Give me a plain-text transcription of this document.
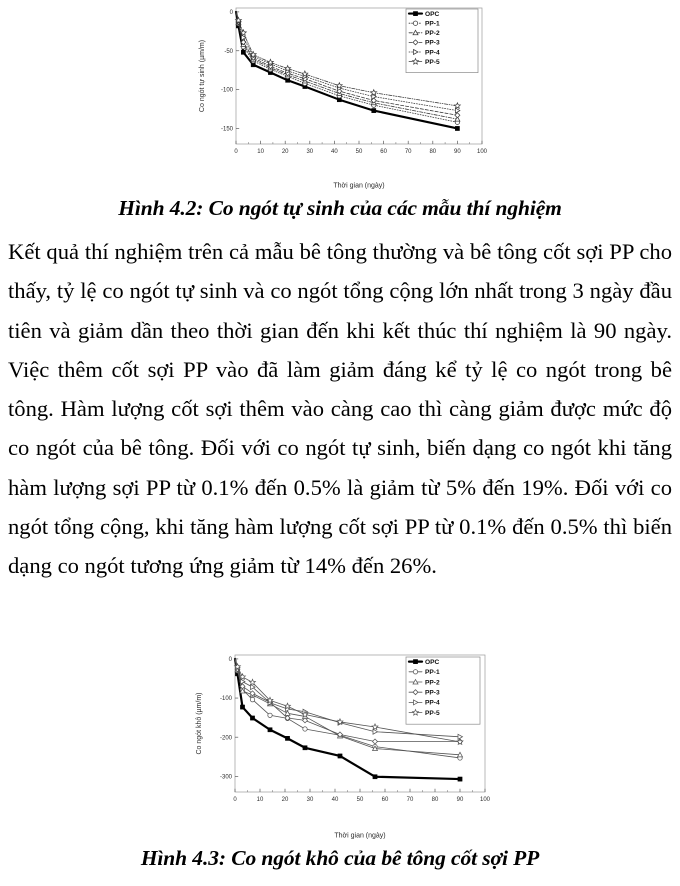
0	10	20	30	40	50	60	70	80	90	100
0
-50
-100
-150
Thời gian (ngày)
Co ngót tự sinh (µm/m)
OPC
PP-1
PP-2
PP-3
PP-4
PP-5
Hình 4.2: Co ngót tự sinh của các mẫu thí nghiệm

Kết quả thí nghiệm trên cả mẫu bê tông thường và bê tông cốt sợi PP cho thấy, tỷ lệ co ngót tự sinh và co ngót tổng cộng lớn nhất trong 3 ngày đầu tiên và giảm dần theo thời gian đến khi kết thúc thí nghiệm là 90 ngày. Việc thêm cốt sợi PP vào đã làm giảm đáng kể tỷ lệ co ngót trong bê tông. Hàm lượng cốt sợi thêm vào càng cao thì càng giảm được mức độ co ngót của bê tông. Đối với co ngót tự sinh, biến dạng co ngót khi tăng hàm lượng sợi PP từ 0.1% đến 0.5% là giảm từ 5% đến 19%. Đối với co ngót tổng cộng, khi tăng hàm lượng cốt sợi PP từ 0.1% đến 0.5% thì biến dạng co ngót tương ứng giảm từ 14% đến 26%.

0	10	20	30	40	50	60	70	80	90	100
0
-100
-200
-300
Thời gian (ngày)
Co ngót khô (µm/m)
OPC
PP-1
PP-2
PP-3
PP-4
PP-5
Hình 4.3: Co ngót khô của bê tông cốt sợi PP
